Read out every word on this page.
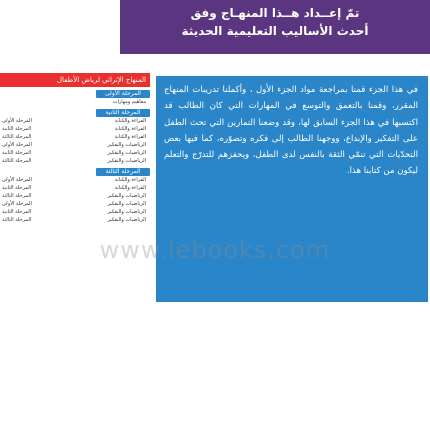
تمّ إعــداد هــذا المنهـاج وفق
أحدث الأساليب التعليمية الحديثة
المنهاج الإثرائي لرياض الأطفال
المرحلة الأولى
مفاهيم ومهارات
المرحلة الثانية
القراءة والكتابة
المرحلة الأولى
القراءة والكتابة
المرحلة الثانية
القراءة والكتابة
المرحلة الثالثة
الرياضيات والتفكير
المرحلة الأولى
الرياضيات والتفكير
المرحلة الثانية
الرياضيات والتفكير
المرحلة الثالثة
المرحلة الثالثة
القراءة والكتابة
المرحلة الأولى
القراءة والكتابة
المرحلة الثانية
الرياضيات والتفكير
المرحلة الثالثة
الرياضيات والتفكير
المرحلة الأولى
الرياضيات والتفكير
المرحلة الثانية
الرياضيات والتفكير
المرحلة الثالثة
في هذا الجزء قمنا بمراجعة مواد الجزء الأول ، وأكملنا تدريبات المنهاج المقرر، وقمنا بالتعمق والتوسع في المهارات التي كان الطالب قد اكتسبها في هذا الجزء السابق لها، وقد وضعنا التمارين التي تحث الطفل على التفكير والإبداع، ووجهنا الطالب إلى فكره وتصوّره، كما فيها بعض التحدّيات التي تنمّي الثقة بالنفس لدى الطفل، ويحفزهم للتدرّج والتعلم ليكون من كتابنا هذا.
www.lebooks.com
